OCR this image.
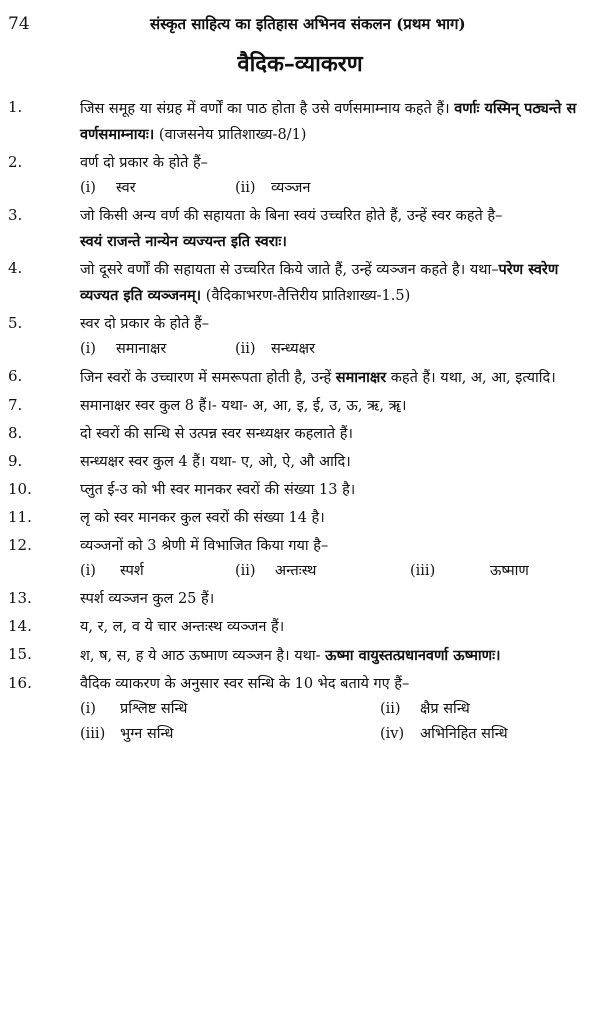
74	संस्कृत साहित्य का इतिहास अभिनव संकलन (प्रथम भाग)
वैदिक–व्याकरण
1.	जिस समूह या संग्रह में वर्णों का पाठ होता है उसे वर्णसमाम्नाय कहते हैं। वर्णाः यस्मिन् पठ्यन्ते स वर्णसमाम्नायः। (वाजसनेय प्रातिशाख्य-8/1)
2.	वर्ण दो प्रकार के होते हैं–
(i) स्वर	(ii) व्यञ्जन
3.	जो किसी अन्य वर्ण की सहायता के बिना स्वयं उच्चरित होते हैं, उन्हें स्वर कहते है–
स्वयं राजन्ते नान्येन व्यज्यन्त इति स्वराः।
4.	जो दूसरे वर्णों की सहायता से उच्चरित किये जाते हैं, उन्हें व्यञ्जन कहते है। यथा–परेण स्वरेण व्यज्यत इति व्यञ्जनम्। (वैदिकाभरण-तैत्तिरीय प्रातिशाख्य-1.5)
5.	स्वर दो प्रकार के होते हैं–
(i) समानाक्षर	(ii) सन्ध्यक्षर
6.	जिन स्वरों के उच्चारण में समरूपता होती है, उन्हें समानाक्षर कहते हैं। यथा, अ, आ, इत्यादि।
7.	समानाक्षर स्वर कुल 8 हैं।- यथा- अ, आ, इ, ई, उ, ऊ, ऋ, ॠ।
8.	दो स्वरों की सन्धि से उत्पन्न स्वर सन्ध्यक्षर कहलाते हैं।
9.	सन्ध्यक्षर स्वर कुल 4 हैं। यथा- ए, ओ, ऐ, औ आदि।
10.	प्लुत ई-उ को भी स्वर मानकर स्वरों की संख्या 13 है।
11.	लृ को स्वर मानकर कुल स्वरों की संख्या 14 है।
12.	व्यञ्जनों को 3 श्रेणी में विभाजित किया गया है–
(i) स्पर्श	(ii) अन्तःस्थ	(iii)	ऊष्माण
13.	स्पर्श व्यञ्जन कुल 25 हैं।
14.	य, र, ल, व ये चार अन्तःस्थ व्यञ्जन हैं।
15.	श, ष, स, ह ये आठ ऊष्माण व्यञ्जन है। यथा- ऊष्मा वायुस्तत्प्रधानवर्णा ऊष्माणः।
16.	वैदिक व्याकरण के अनुसार स्वर सन्धि के 10 भेद बताये गए हैं–
(i) प्रश्लिष्ट सन्धि	(ii) क्षैप्र सन्धि
(iii) भुग्न सन्धि	(iv) अभिनिहित सन्धि
